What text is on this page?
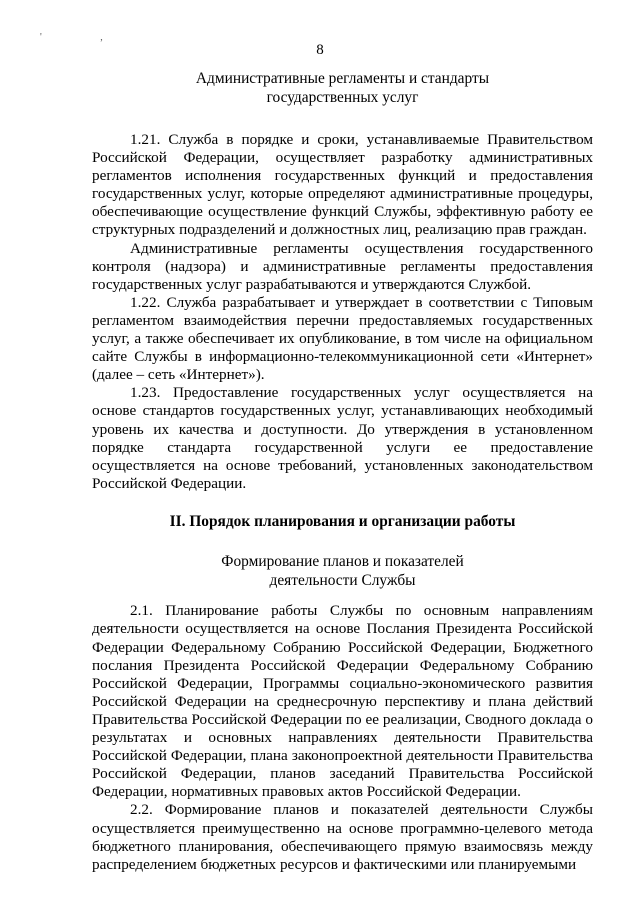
' ,
8
Административные регламенты и стандарты
государственных услуг

1.21. Служба в порядке и сроки, устанавливаемые Правительством Российской Федерации, осуществляет разработку административных регламентов исполнения государственных функций и предоставления государственных услуг, которые определяют административные процедуры, обеспечивающие осуществление функций Службы, эффективную работу ее структурных подразделений и должностных лиц, реализацию прав граждан.

Административные регламенты осуществления государственного контроля (надзора) и административные регламенты предоставления государственных услуг разрабатываются и утверждаются Службой.

1.22. Служба разрабатывает и утверждает в соответствии с Типовым регламентом взаимодействия перечни предоставляемых государственных услуг, а также обеспечивает их опубликование, в том числе на официальном сайте Службы в информационно-телекоммуникационной сети «Интернет» (далее – сеть «Интернет»).

1.23. Предоставление государственных услуг осуществляется на основе стандартов государственных услуг, устанавливающих необходимый уровень их качества и доступности. До утверждения в установленном порядке стандарта государственной услуги ее предоставление осуществляется на основе требований, установленных законодательством Российской Федерации.

II. Порядок планирования и организации работы
Формирование планов и показателей
деятельности Службы

2.1. Планирование работы Службы по основным направлениям деятельности осуществляется на основе Послания Президента Российской Федерации Федеральному Собранию Российской Федерации, Бюджетного послания Президента Российской Федерации Федеральному Собранию Российской Федерации, Программы социально-экономического развития Российской Федерации на среднесрочную перспективу и плана действий Правительства Российской Федерации по ее реализации, Сводного доклада о результатах и основных направлениях деятельности Правительства Российской Федерации, плана законопроектной деятельности Правительства Российской Федерации, планов заседаний Правительства Российской Федерации, нормативных правовых актов Российской Федерации.

2.2. Формирование планов и показателей деятельности Службы осуществляется преимущественно на основе программно-целевого метода бюджетного планирования, обеспечивающего прямую взаимосвязь между распределением бюджетных ресурсов и фактическими или планируемыми
